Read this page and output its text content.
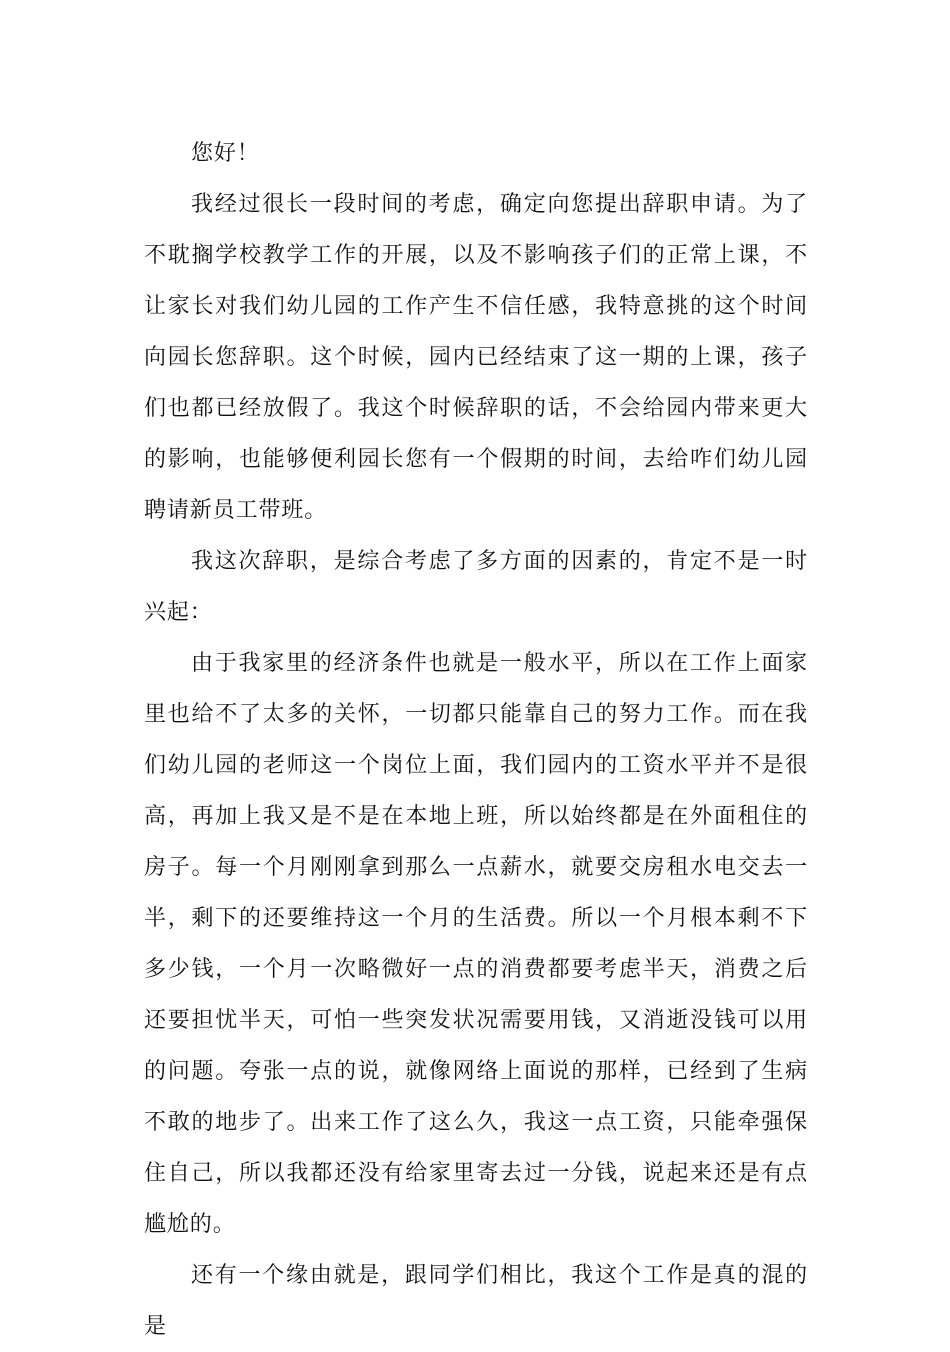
您好！

我经过很长一段时间的考虑，确定向您提出辞职申请。为了不耽搁学校教学工作的开展，以及不影响孩子们的正常上课，不让家长对我们幼儿园的工作产生不信任感，我特意挑的这个时间向园长您辞职。这个时候，园内已经结束了这一期的上课，孩子们也都已经放假了。我这个时候辞职的话，不会给园内带来更大的影响，也能够便利园长您有一个假期的时间，去给咋们幼儿园聘请新员工带班。

我这次辞职，是综合考虑了多方面的因素的，肯定不是一时兴起：

由于我家里的经济条件也就是一般水平，所以在工作上面家里也给不了太多的关怀，一切都只能靠自己的努力工作。而在我们幼儿园的老师这一个岗位上面，我们园内的工资水平并不是很高，再加上我又是不是在本地上班，所以始终都是在外面租住的房子。每一个月刚刚拿到那么一点薪水，就要交房租水电交去一半，剩下的还要维持这一个月的生活费。所以一个月根本剩不下多少钱，一个月一次略微好一点的消费都要考虑半天，消费之后还要担忧半天，可怕一些突发状况需要用钱，又消逝没钱可以用的问题。夸张一点的说，就像网络上面说的那样，已经到了生病不敢的地步了。出来工作了这么久，我这一点工资，只能牵强保住自己，所以我都还没有给家里寄去过一分钱，说起来还是有点尴尬的。

还有一个缘由就是，跟同学们相比，我这个工作是真的混的是
